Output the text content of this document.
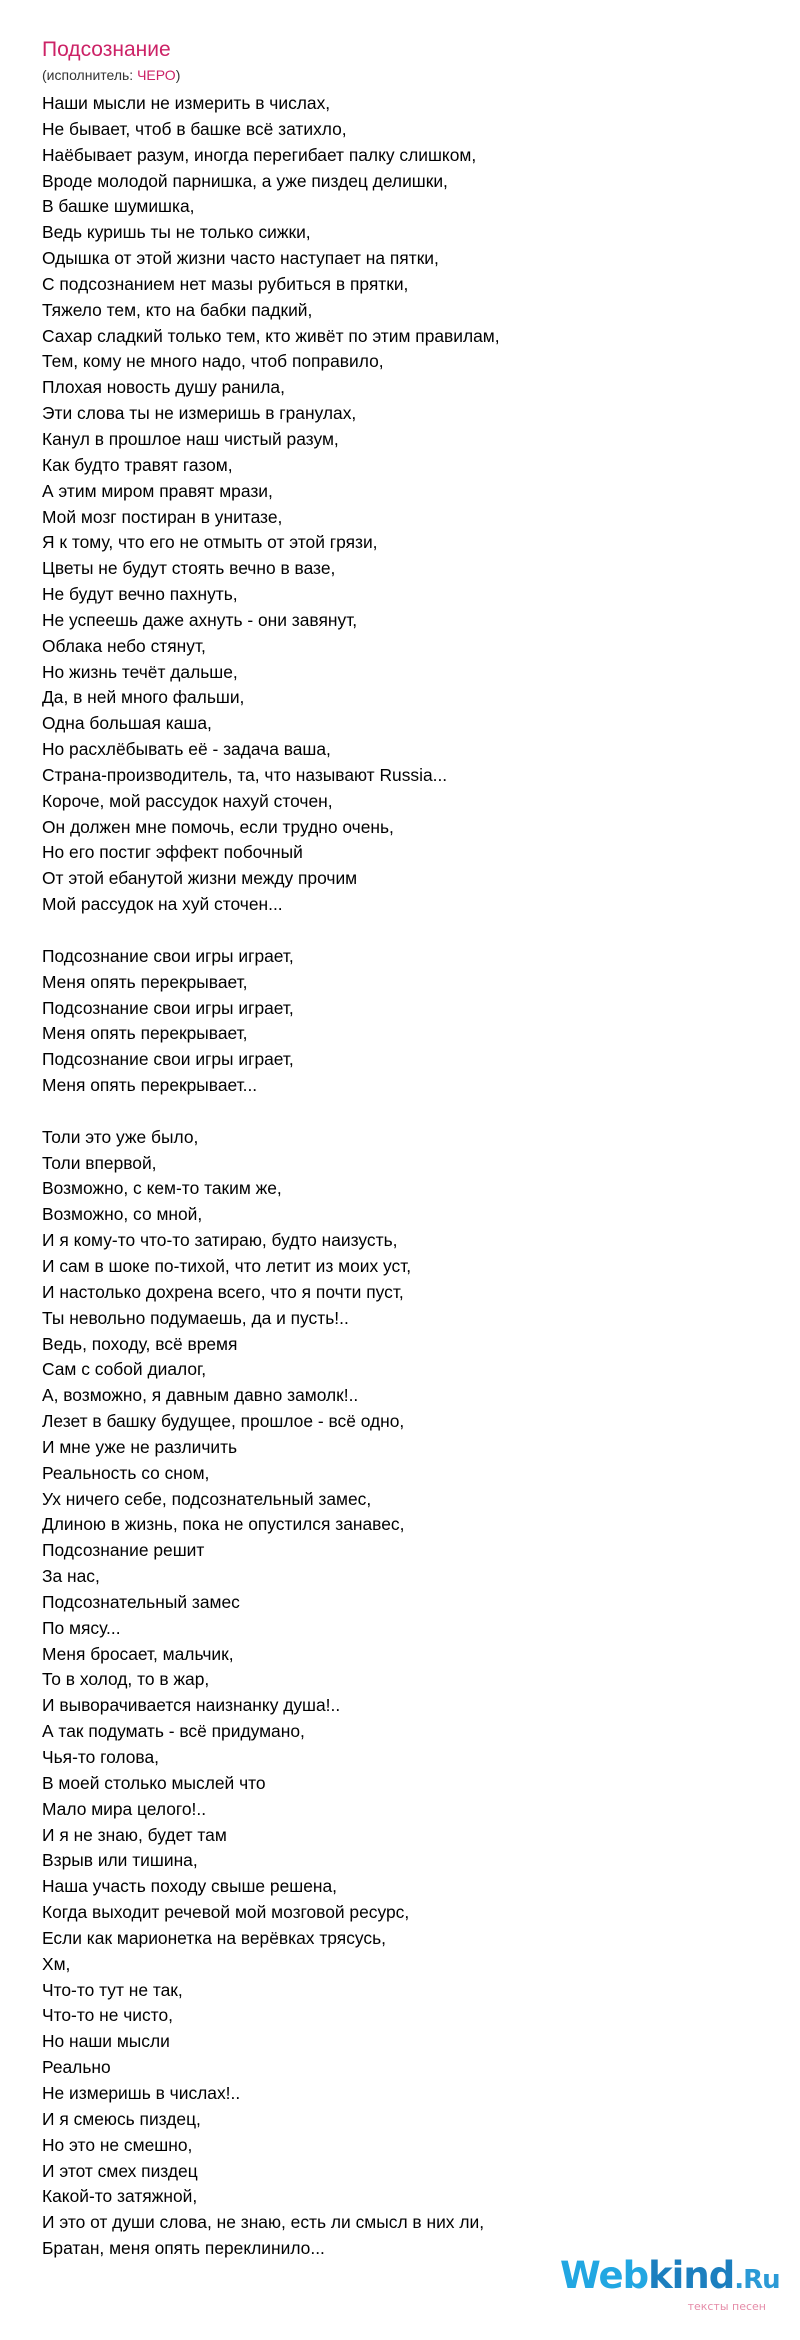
Подсознание
(исполнитель: ЧЕРО)
Наши мысли не измерить в числах,
Не бывает, чтоб в башке всё затихло,
Наёбывает разум, иногда перегибает палку слишком,
Вроде молодой парнишка, а уже пиздец делишки,
В башке шумишка,
Ведь куришь ты не только сижки,
Одышка от этой жизни часто наступает на пятки,
С подсознанием нет мазы рубиться в прятки,
Тяжело тем, кто на бабки падкий,
Сахар сладкий только тем, кто живёт по этим правилам,
Тем, кому не много надо, чтоб поправило,
Плохая новость душу ранила,
Эти слова ты не измеришь в гранулах,
Канул в прошлое наш чистый разум,
Как будто травят газом,
А этим миром правят мрази,
Мой мозг постиран в унитазе,
Я к тому, что его не отмыть от этой грязи,
Цветы не будут стоять вечно в вазе,
Не будут вечно пахнуть,
Не успеешь даже ахнуть - они завянут,
Облака небо стянут,
Но жизнь течёт дальше,
Да, в ней много фальши,
Одна большая каша,
Но расхлёбывать её - задача ваша,
Страна-производитель, та, что называют Russia...
Короче, мой рассудок нахуй сточен,
Он должен мне помочь, если трудно очень,
Но его постиг эффект побочный
От этой ебанутой жизни между прочим
Мой рассудок на хуй сточен...
Подсознание свои игры играет,
Меня опять перекрывает,
Подсознание свои игры играет,
Меня опять перекрывает,
Подсознание свои игры играет,
Меня опять перекрывает...
Толи это уже было,
Толи впервой,
Возможно, с кем-то таким же,
Возможно, со мной,
И я кому-то что-то затираю, будто наизусть,
И сам в шоке по-тихой, что летит из моих уст,
И настолько дохрена всего, что я почти пуст,
Ты невольно подумаешь, да и пусть!..
Ведь, походу, всё время
Сам с собой диалог,
А, возможно, я давным давно замолк!..
Лезет в башку будущее, прошлое - всё одно,
И мне уже не различить
Реальность со сном,
Ух ничего себе, подсознательный замес,
Длиною в жизнь, пока не опустился занавес,
Подсознание решит
За нас,
Подсознательный замес
По мясу...
Меня бросает, мальчик,
То в холод, то в жар,
И выворачивается наизнанку душа!..
А так подумать - всё придумано,
Чья-то голова,
В моей столько мыслей что
Мало мира целого!..
И я не знаю, будет там
Взрыв или тишина,
Наша участь походу свыше решена,
Когда выходит речевой мой мозговой ресурс,
Если как марионетка на верёвках трясусь,
Хм,
Что-то тут не так,
Что-то не чисто,
Но наши мысли
Реально
Не измеришь в числах!..
И я смеюсь пиздец,
Но это не смешно,
И этот смех пиздец
Какой-то затяжной,
И это от души слова, не знаю, есть ли смысл в них ли,
Братан, меня опять переклинило...
Webkind.Ru
тексты песен
